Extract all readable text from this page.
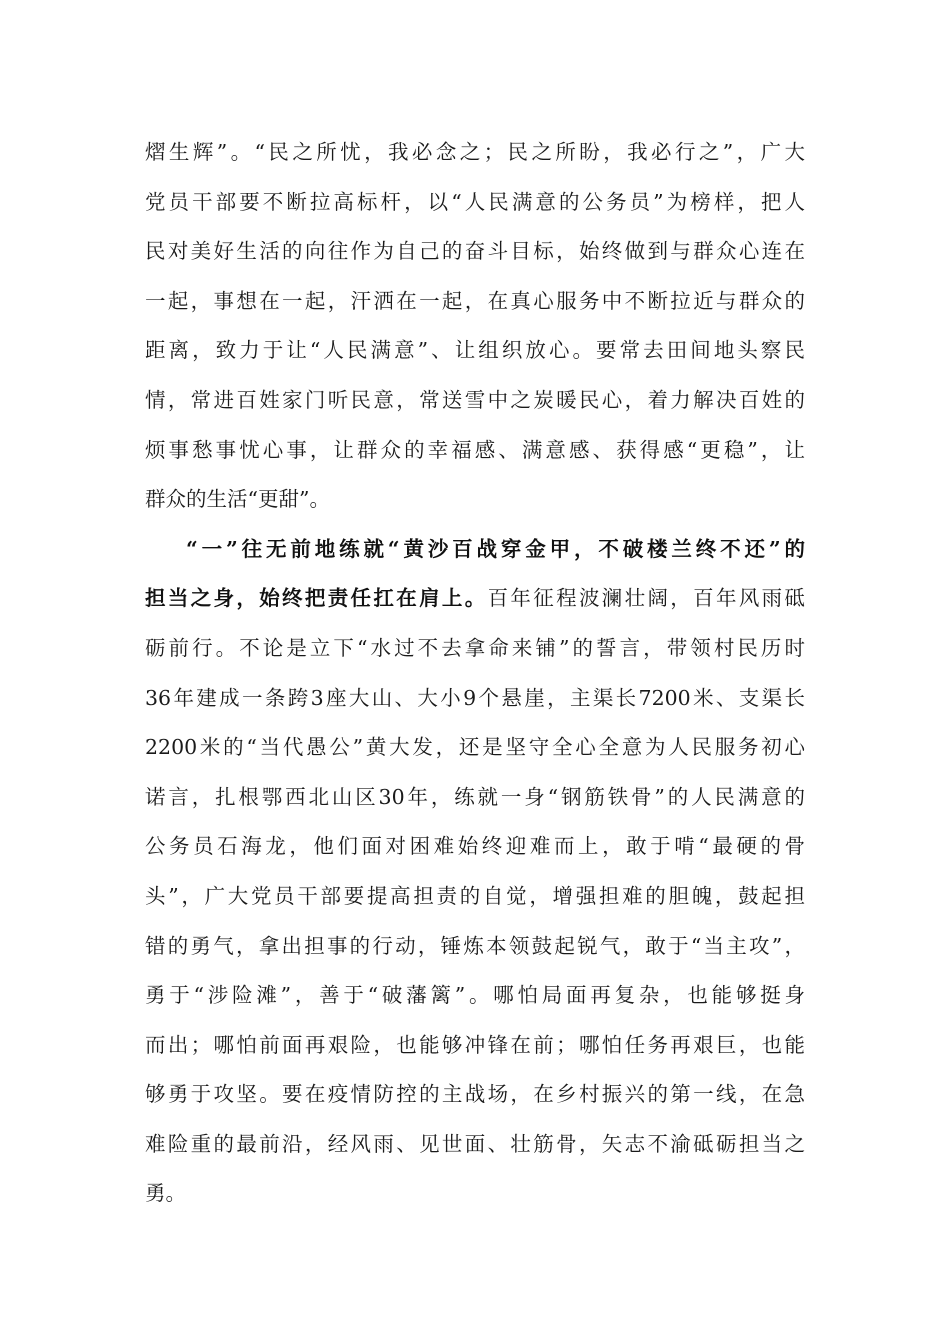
熠生辉”。“民之所忧，我必念之；民之所盼，我必行之”，广大
党员干部要不断拉高标杆，以“人民满意的公务员”为榜样，把人
民对美好生活的向往作为自己的奋斗目标，始终做到与群众心连在
一起，事想在一起，汗洒在一起，在真心服务中不断拉近与群众的
距离，致力于让“人民满意”、让组织放心。要常去田间地头察民
情，常进百姓家门听民意，常送雪中之炭暖民心，着力解决百姓的
烦事愁事忧心事，让群众的幸福感、满意感、获得感“更稳”，让
群众的生活“更甜”。
“一”往无前地练就“黄沙百战穿金甲，不破楼兰终不还”的
担当之身，始终把责任扛在肩上。百年征程波澜壮阔，百年风雨砥
砺前行。不论是立下“水过不去拿命来铺”的誓言，带领村民历时
36年建成一条跨3座大山、大小9个悬崖，主渠长7200米、支渠长
2200米的“当代愚公”黄大发，还是坚守全心全意为人民服务初心
诺言，扎根鄂西北山区30年，练就一身“钢筋铁骨”的人民满意的
公务员石海龙，他们面对困难始终迎难而上，敢于啃“最硬的骨
头”，广大党员干部要提高担责的自觉，增强担难的胆魄，鼓起担
错的勇气，拿出担事的行动，锤炼本领鼓起锐气，敢于“当主攻”，
勇于“涉险滩”，善于“破藩篱”。哪怕局面再复杂，也能够挺身
而出；哪怕前面再艰险，也能够冲锋在前；哪怕任务再艰巨，也能
够勇于攻坚。要在疫情防控的主战场，在乡村振兴的第一线，在急
难险重的最前沿，经风雨、见世面、壮筋骨，矢志不渝砥砺担当之
勇。
